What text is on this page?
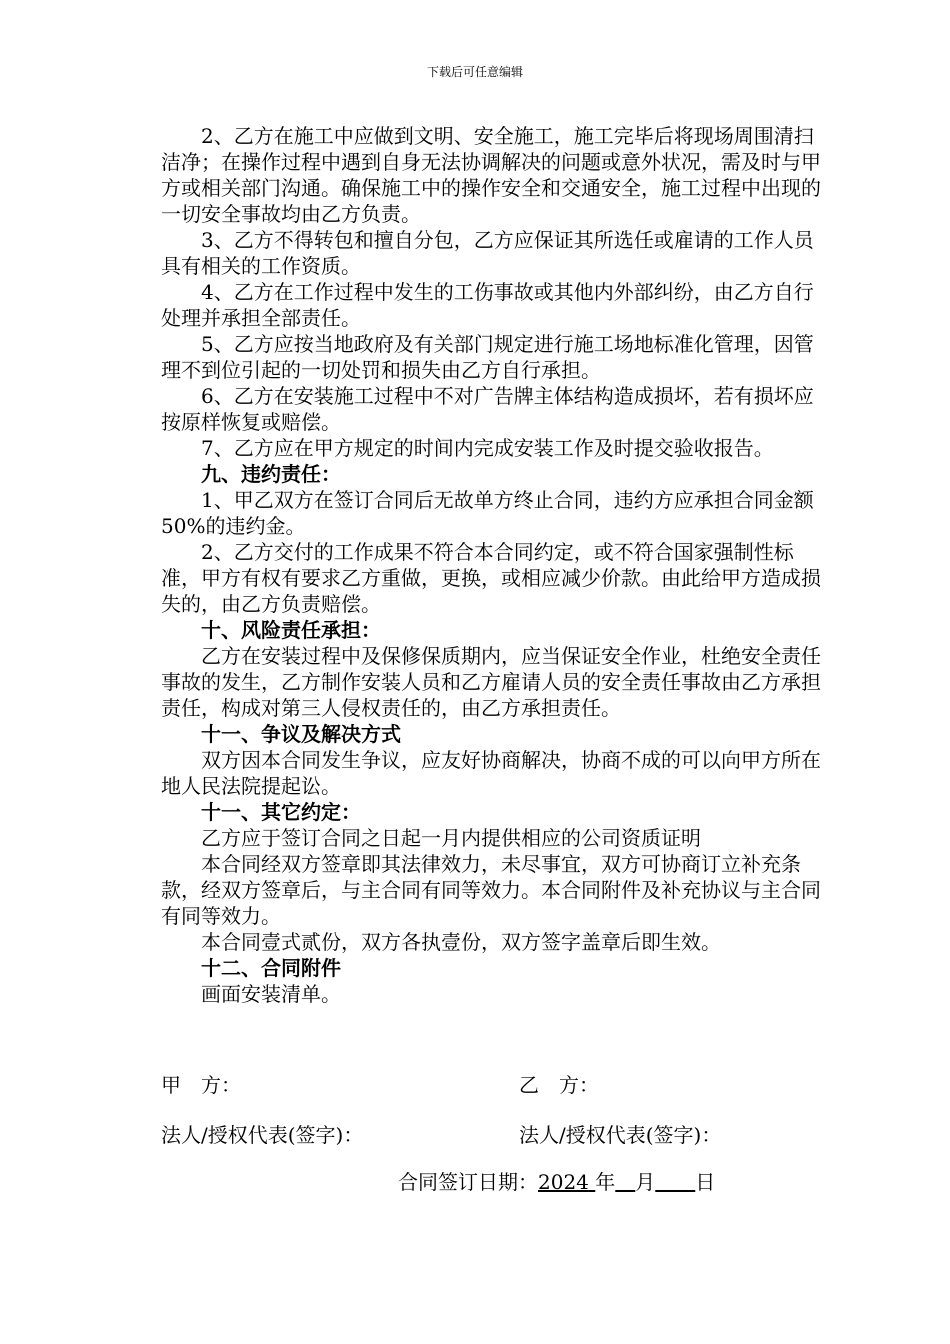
下载后可任意编辑

2、乙方在施工中应做到文明、安全施工，施工完毕后将现场周围清扫洁净；在操作过程中遇到自身无法协调解决的问题或意外状况，需及时与甲方或相关部门沟通。确保施工中的操作安全和交通安全，施工过程中出现的一切安全事故均由乙方负责。

3、乙方不得转包和擅自分包，乙方应保证其所选任或雇请的工作人员具有相关的工作资质。

4、乙方在工作过程中发生的工伤事故或其他内外部纠纷，由乙方自行处理并承担全部责任。

5、乙方应按当地政府及有关部门规定进行施工场地标准化管理，因管理不到位引起的一切处罚和损失由乙方自行承担。

6、乙方在安装施工过程中不对广告牌主体结构造成损坏，若有损坏应按原样恢复或赔偿。

7、乙方应在甲方规定的时间内完成安装工作及时提交验收报告。

九、违约责任：

1、甲乙双方在签订合同后无故单方终止合同，违约方应承担合同金额50%的违约金。

2、乙方交付的工作成果不符合本合同约定，或不符合国家强制性标准，甲方有权有要求乙方重做，更换，或相应减少价款。由此给甲方造成损失的，由乙方负责赔偿。

十、风险责任承担：

乙方在安装过程中及保修保质期内，应当保证安全作业，杜绝安全责任事故的发生，乙方制作安装人员和乙方雇请人员的安全责任事故由乙方承担责任，构成对第三人侵权责任的，由乙方承担责任。

十一、争议及解决方式

双方因本合同发生争议，应友好协商解决，协商不成的可以向甲方所在地人民法院提起讼。

十一、其它约定：

乙方应于签订合同之日起一月内提供相应的公司资质证明

本合同经双方签章即其法律效力，未尽事宜，双方可协商订立补充条款，经双方签章后，与主合同有同等效力。本合同附件及补充协议与主合同有同等效力。

本合同壹式贰份，双方各执壹份，双方签字盖章后即生效。

十二、合同附件

画面安装清单。

甲　方：	乙　方：
法人/授权代表(签字)：	法人/授权代表(签字)：
合同签订日期：2024 年　 月　　 日
